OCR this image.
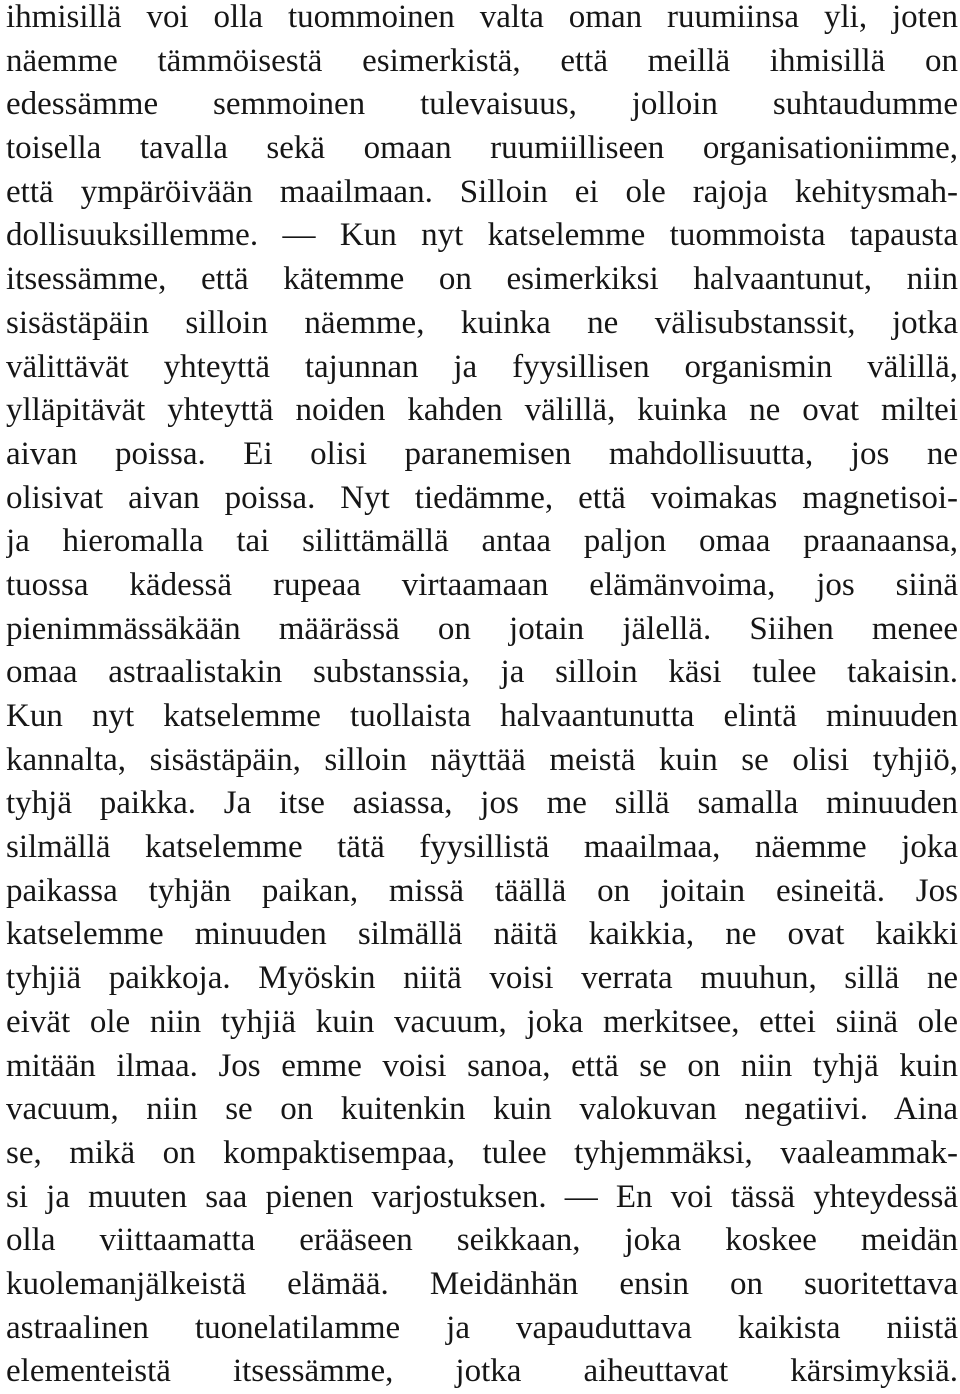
ihmisillä voi olla tuommoinen valta oman ruumiinsa yli, joten
näemme tämmöisestä esimerkistä, että meillä ihmisillä on
edessämme semmoinen tulevaisuus, jolloin suhtaudumme
toisella tavalla sekä omaan ruumiilliseen organisationiimme,
että ympäröivään maailmaan. Silloin ei ole rajoja kehitysmah-
dollisuuksillemme. — Kun nyt katselemme tuommoista tapausta
itsessämme, että kätemme on esimerkiksi halvaantunut, niin
sisästäpäin silloin näemme, kuinka ne välisubstanssit, jotka
välittävät yhteyttä tajunnan ja fyysillisen organismin välillä,
ylläpitävät yhteyttä noiden kahden välillä, kuinka ne ovat miltei
aivan poissa. Ei olisi paranemisen mahdollisuutta, jos ne
olisivat aivan poissa. Nyt tiedämme, että voimakas magnetisoi-
ja hieromalla tai silittämällä antaa paljon omaa praanaansa,
tuossa kädessä rupeaa virtaamaan elämänvoima, jos siinä
pienimmässäkään määrässä on jotain jälellä. Siihen menee
omaa astraalistakin substanssia, ja silloin käsi tulee takaisin.
Kun nyt katselemme tuollaista halvaantunutta elintä minuuden
kannalta, sisästäpäin, silloin näyttää meistä kuin se olisi tyhjiö,
tyhjä paikka. Ja itse asiassa, jos me sillä samalla minuuden
silmällä katselemme tätä fyysillistä maailmaa, näemme joka
paikassa tyhjän paikan, missä täällä on joitain esineitä. Jos
katselemme minuuden silmällä näitä kaikkia, ne ovat kaikki
tyhjiä paikkoja. Myöskin niitä voisi verrata muuhun, sillä ne
eivät ole niin tyhjiä kuin vacuum, joka merkitsee, ettei siinä ole
mitään ilmaa. Jos emme voisi sanoa, että se on niin tyhjä kuin
vacuum, niin se on kuitenkin kuin valokuvan negatiivi. Aina
se, mikä on kompaktisempaa, tulee tyhjemmäksi, vaaleammak-
si ja muuten saa pienen varjostuksen. — En voi tässä yhteydessä
olla viittaamatta erääseen seikkaan, joka koskee meidän
kuolemanjälkeistä elämää. Meidänhän ensin on suoritettava
astraalinen tuonelatilamme ja vapauduttava kaikista niistä
elementeistä itsessämme, jotka aiheuttavat kärsimyksiä.
